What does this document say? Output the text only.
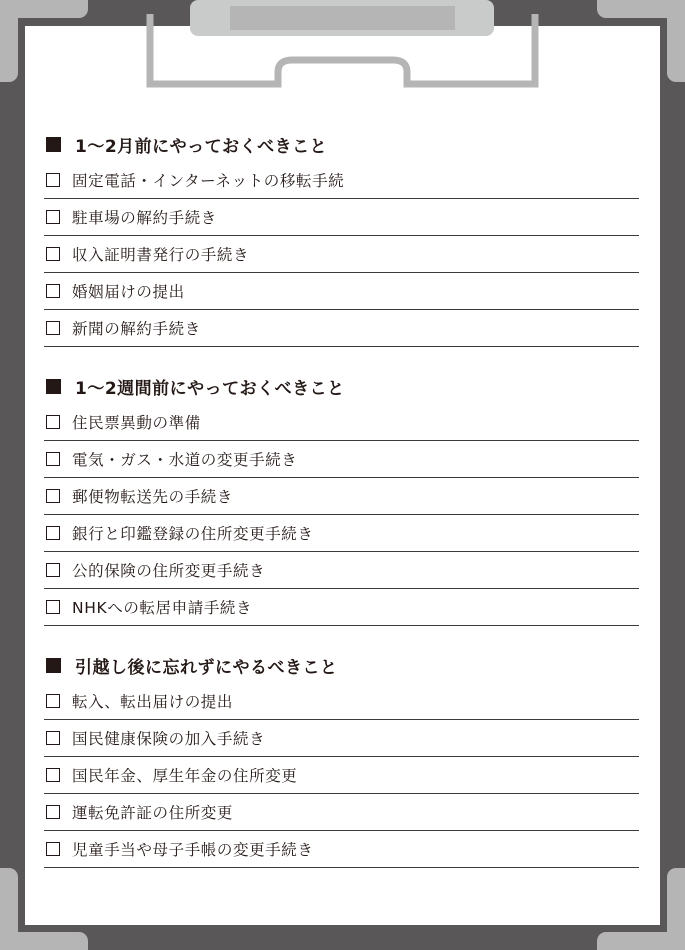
1〜2月前にやっておくべきこと
固定電話・インターネットの移転手続
駐車場の解約手続き
収入証明書発行の手続き
婚姻届けの提出
新聞の解約手続き
1〜2週間前にやっておくべきこと
住民票異動の準備
電気・ガス・水道の変更手続き
郵便物転送先の手続き
銀行と印鑑登録の住所変更手続き
公的保険の住所変更手続き
NHKへの転居申請手続き
引越し後に忘れずにやるべきこと
転入、転出届けの提出
国民健康保険の加入手続き
国民年金、厚生年金の住所変更
運転免許証の住所変更
児童手当や母子手帳の変更手続き
